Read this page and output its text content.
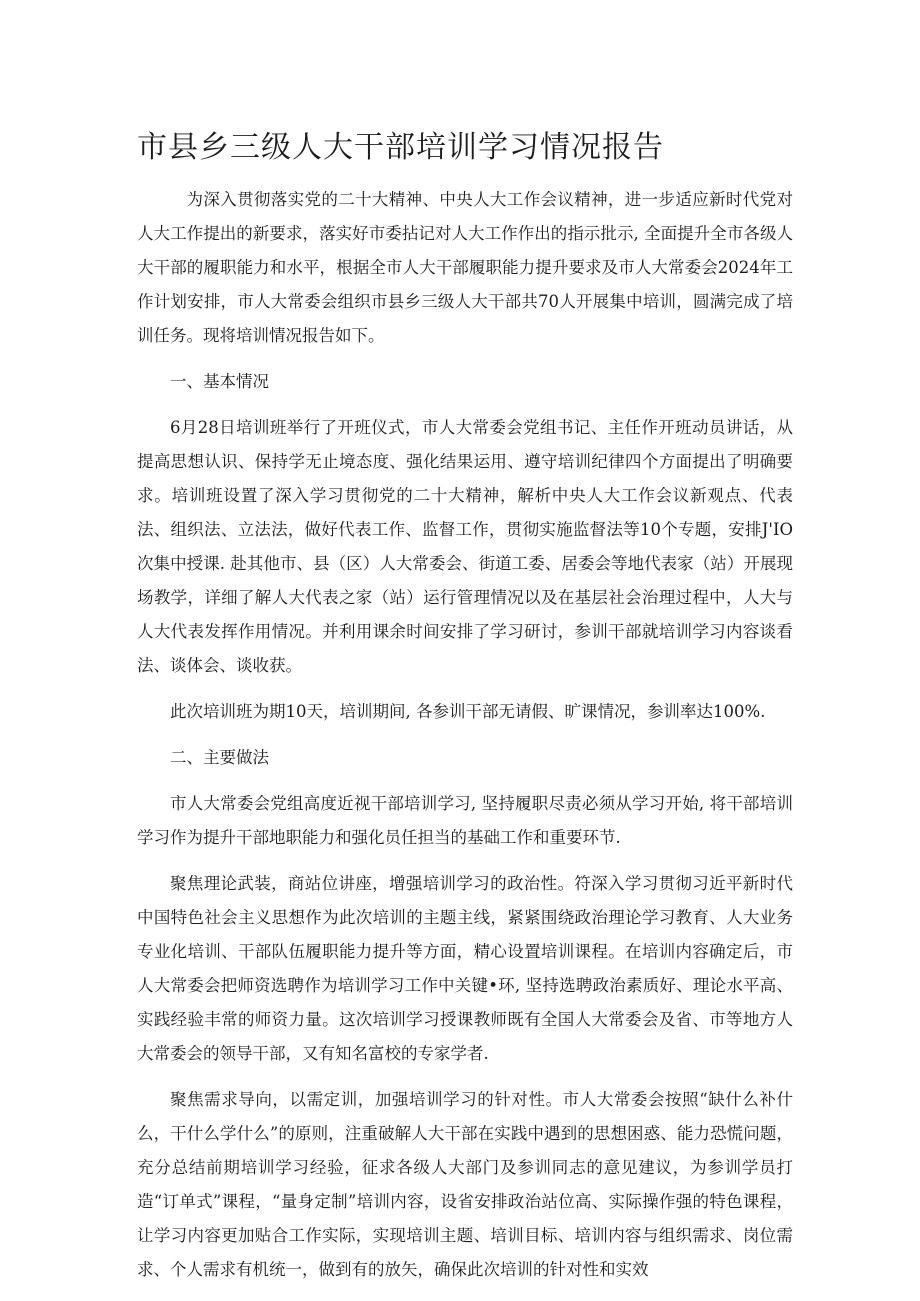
市县乡三级人大干部培训学习情况报告

为深入贯彻落实党的二十大精神、中央人大工作会议精神，进一步适应新时代党对人大工作提出的新要求，落实好市委拈记对人大工作作出的指示批示, 全面提升全市各级人大干部的履职能力和水平，根据全市人大干部履职能力提升要求及市人大常委会2024年工作计划安排，市人大常委会组织市县乡三级人大干部共70人开展集中培训，圆满完成了培训任务。现将培训情况报告如下。

一、基本情况

6月28日培训班举行了开班仪式，市人大常委会党组书记、主任作开班动员讲话，从提高思想认识、保持学无止境态度、强化结果运用、遵守培训纪律四个方面提出了明确要求。培训班设置了深入学习贯彻党的二十大精神，解析中央人大工作会议新观点、代表法、组织法、立法法，做好代表工作、监督工作，贯彻实施监督法等10个专题，安排J'IO次集中授课. 赴其他市、县（区）人大常委会、街道工委、居委会等地代表家（站）开展现场教学，详细了解人大代表之家（站）运行管理情况以及在基层社会治理过程中，人大与人大代表发挥作用情况。并利用课余时间安排了学习研讨，参训干部就培训学习内容谈看法、谈体会、谈收获。

此次培训班为期10天，培训期间, 各参训干部无请假、旷课情况，参训率达100%.

二、主要做法

市人大常委会党组高度近视干部培训学习, 坚持履职尽责必须从学习开始, 将干部培训学习作为提升干部地职能力和强化员任担当的基础工作和重要环节.

聚焦理论武装，商站位讲座，增强培训学习的政治性。符深入学习贯彻习近平新时代中国特色社会主义思想作为此次培训的主题主线，紧紧围绕政治理论学习教育、人大业务专业化培训、干部队伍履职能力提升等方面，精心设置培训课程。在培训内容确定后，市人大常委会把师资选聘作为培训学习工作中关键•环, 坚持选聘政治素质好、理论水平高、实践经验丰常的师资力量。这次培训学习授课教师既有全国人大常委会及省、市等地方人大常委会的领导干部，又有知名富校的专家学者.

聚焦需求导向，以需定训，加强培训学习的针对性。市人大常委会按照“缺什么补什么，干什么学什么”的原则，注重破解人大干部在实践中遇到的思想困惑、能力恐慌问题，充分总结前期培训学习经验，征求各级人大部门及参训同志的意见建议，为参训学员打造“订单式”课程，“量身定制”培训内容，设省安排政治站位高、实际操作强的特色课程，让学习内容更加贴合工作实际，实现培训主题、培训目标、培训内容与组织需求、岗位需求、个人需求有机统一，做到有的放矢，确保此次培训的针对性和实效
